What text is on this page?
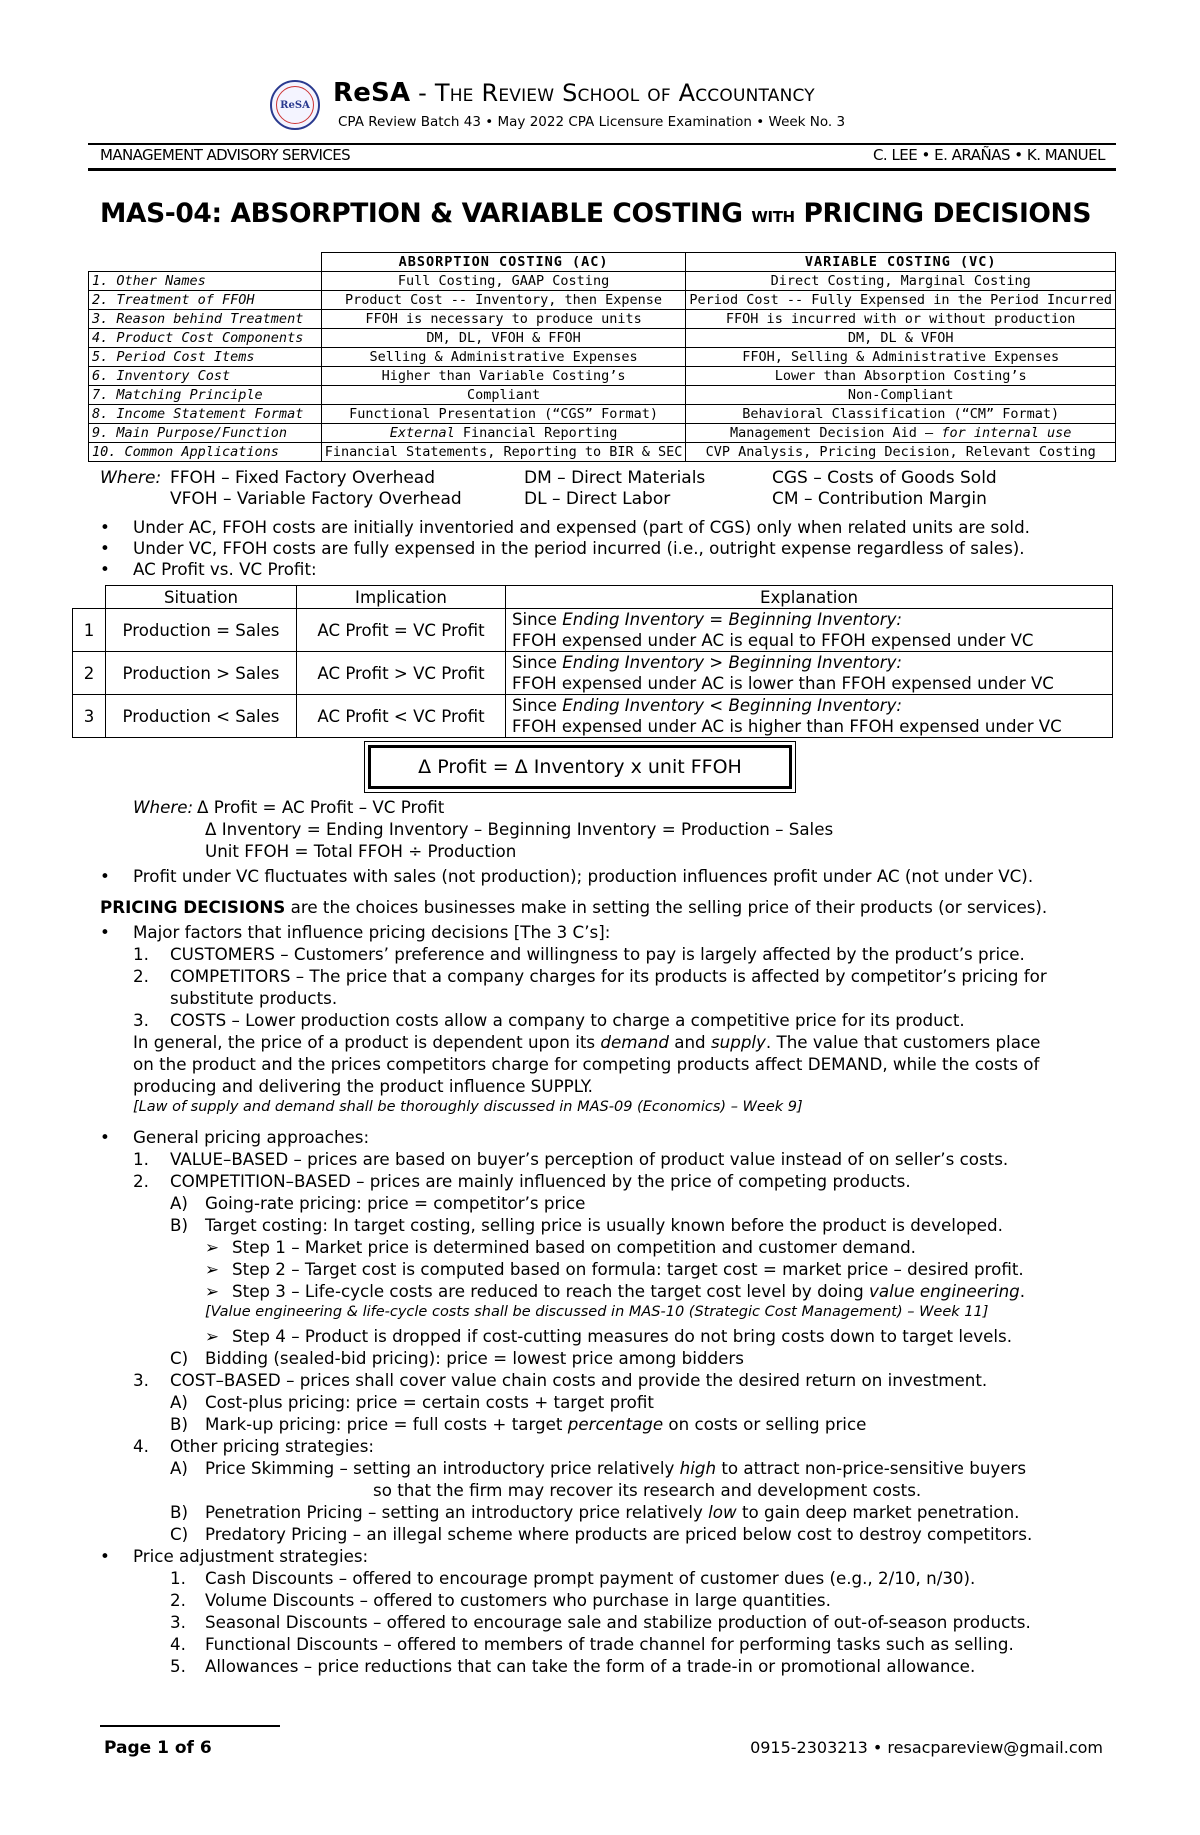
ReSA ReSA - The Review School of Accountancy
CPA Review Batch 43 • May 2022 CPA Licensure Examination • Week No. 3
MANAGEMENT ADVISORY SERVICES	C. LEE • E. ARAÑAS • K. MANUEL
MAS-04: ABSORPTION & VARIABLE COSTING WITH PRICING DECISIONS
	ABSORPTION COSTING (AC)	VARIABLE COSTING (VC)
1. Other Names	Full Costing, GAAP Costing	Direct Costing, Marginal Costing
2. Treatment of FFOH	Product Cost -- Inventory, then Expense	Period Cost -- Fully Expensed in the Period Incurred
3. Reason behind Treatment	FFOH is necessary to produce units	FFOH is incurred with or without production
4. Product Cost Components	DM, DL, VFOH & FFOH	DM, DL & VFOH
5. Period Cost Items	Selling & Administrative Expenses	FFOH, Selling & Administrative Expenses
6. Inventory Cost	Higher than Variable Costing’s	Lower than Absorption Costing’s
7. Matching Principle	Compliant	Non-Compliant
8. Income Statement Format	Functional Presentation (“CGS” Format)	Behavioral Classification (“CM” Format)
9. Main Purpose/Function	External Financial Reporting	Management Decision Aid – for internal use
10. Common Applications	Financial Statements, Reporting to BIR & SEC	CVP Analysis, Pricing Decision, Relevant Costing
Where: FFOH – Fixed Factory Overhead	DM – Direct Materials	CGS – Costs of Goods Sold
VFOH – Variable Factory Overhead	DL – Direct Labor	CM – Contribution Margin
• Under AC, FFOH costs are initially inventoried and expensed (part of CGS) only when related units are sold.
• Under VC, FFOH costs are fully expensed in the period incurred (i.e., outright expense regardless of sales).
• AC Profit vs. VC Profit:
	Situation	Implication	Explanation
1	Production = Sales	AC Profit = VC Profit	Since Ending Inventory = Beginning Inventory:
FFOH expensed under AC is equal to FFOH expensed under VC
2	Production > Sales	AC Profit > VC Profit	Since Ending Inventory > Beginning Inventory:
FFOH expensed under AC is lower than FFOH expensed under VC
3	Production < Sales	AC Profit < VC Profit	Since Ending Inventory < Beginning Inventory:
FFOH expensed under AC is higher than FFOH expensed under VC
Δ Profit = Δ Inventory x unit FFOH
Where: Δ Profit = AC Profit – VC Profit
Δ Inventory = Ending Inventory – Beginning Inventory = Production – Sales
Unit FFOH = Total FFOH ÷ Production
• Profit under VC fluctuates with sales (not production); production influences profit under AC (not under VC).
PRICING DECISIONS are the choices businesses make in setting the selling price of their products (or services).
• Major factors that influence pricing decisions [The 3 C’s]:
1. CUSTOMERS – Customers’ preference and willingness to pay is largely affected by the product’s price.
2. COMPETITORS – The price that a company charges for its products is affected by competitor’s pricing for
substitute products.
3. COSTS – Lower production costs allow a company to charge a competitive price for its product.
In general, the price of a product is dependent upon its demand and supply. The value that customers place
on the product and the prices competitors charge for competing products affect DEMAND, while the costs of
producing and delivering the product influence SUPPLY.
[Law of supply and demand shall be thoroughly discussed in MAS-09 (Economics) – Week 9]
• General pricing approaches:
1. VALUE–BASED – prices are based on buyer’s perception of product value instead of on seller’s costs.
2. COMPETITION–BASED – prices are mainly influenced by the price of competing products.
A) Going-rate pricing: price = competitor’s price
B) Target costing: In target costing, selling price is usually known before the product is developed.
➢ Step 1 – Market price is determined based on competition and customer demand.
➢ Step 2 – Target cost is computed based on formula: target cost = market price – desired profit.
➢ Step 3 – Life-cycle costs are reduced to reach the target cost level by doing value engineering.
[Value engineering & life-cycle costs shall be discussed in MAS-10 (Strategic Cost Management) – Week 11]
➢ Step 4 – Product is dropped if cost-cutting measures do not bring costs down to target levels.
C) Bidding (sealed-bid pricing): price = lowest price among bidders
3. COST–BASED – prices shall cover value chain costs and provide the desired return on investment.
A) Cost-plus pricing: price = certain costs + target profit
B) Mark-up pricing: price = full costs + target percentage on costs or selling price
4. Other pricing strategies:
A) Price Skimming – setting an introductory price relatively high to attract non-price-sensitive buyers
so that the firm may recover its research and development costs.
B) Penetration Pricing – setting an introductory price relatively low to gain deep market penetration.
C) Predatory Pricing – an illegal scheme where products are priced below cost to destroy competitors.
• Price adjustment strategies:
1. Cash Discounts – offered to encourage prompt payment of customer dues (e.g., 2/10, n/30).
2. Volume Discounts – offered to customers who purchase in large quantities.
3. Seasonal Discounts – offered to encourage sale and stabilize production of out-of-season products.
4. Functional Discounts – offered to members of trade channel for performing tasks such as selling.
5. Allowances – price reductions that can take the form of a trade-in or promotional allowance.
Page 1 of 6	0915-2303213 • resacpareview@gmail.com
